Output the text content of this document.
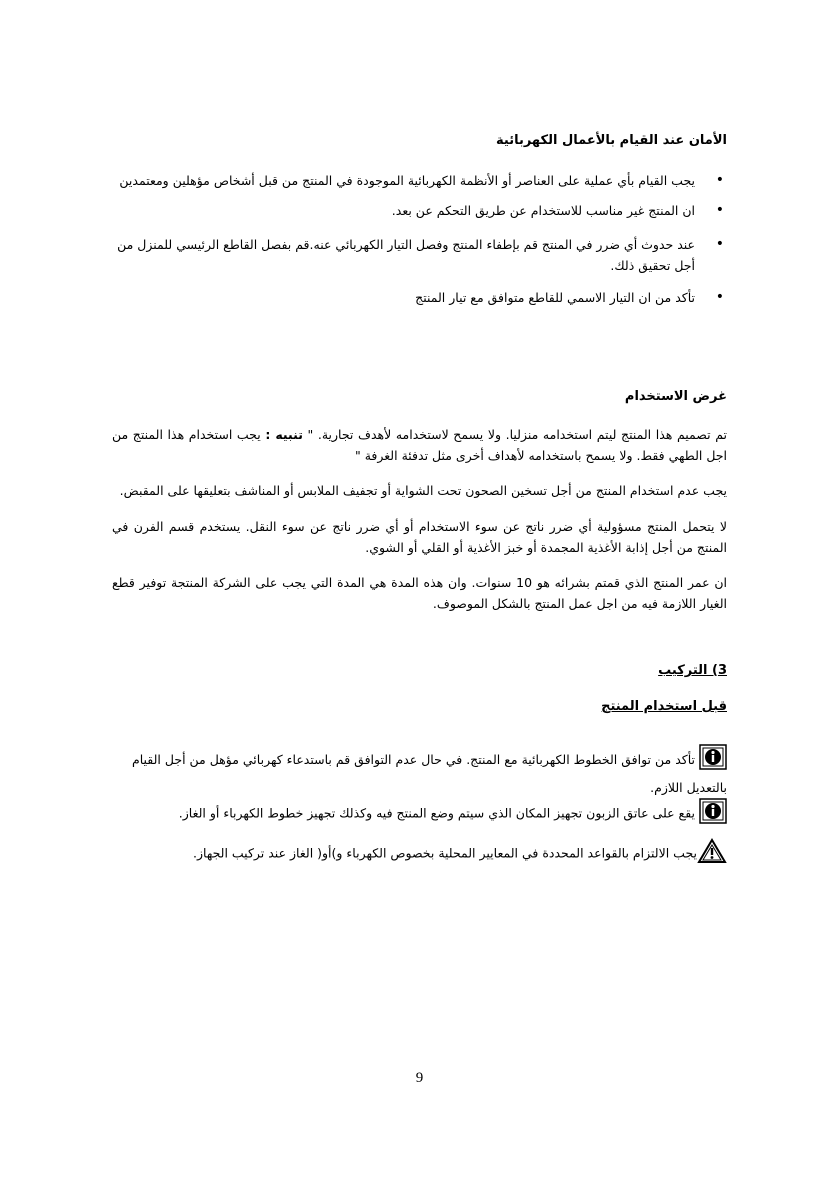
الأمان عند القيام بالأعمال الكهربائية
• يجب القيام بأي عملية على العناصر أو الأنظمة الكهربائية الموجودة في المنتج من قبل أشخاص مؤهلين ومعتمدين
• ان المنتج غير مناسب للاستخدام عن طريق التحكم عن بعد.
• عند حدوث أي ضرر في المنتج قم بإطفاء المنتج وفصل التيار الكهربائي عنه.قم بفصل القاطع الرئيسي للمنزل من أجل تحقيق ذلك.
• تأكد من ان التيار الاسمي للقاطع متوافق مع تيار المنتج
غرض الاستخدام
تم تصميم هذا المنتج ليتم استخدامه منزليا. ولا يسمح لاستخدامه لأهدف تجارية. " تنبيه : يجب استخدام هذا المنتج من اجل الطهي فقط. ولا يسمح باستخدامه لأهداف أخرى مثل تدفئة الغرفة "
يجب عدم استخدام المنتج من أجل تسخين الصحون تحت الشواية أو تجفيف الملابس أو المناشف بتعليقها على المقبض.
لا يتحمل المنتج مسؤولية أي ضرر ناتج عن سوء الاستخدام أو أي ضرر ناتج عن سوء النقل. يستخدم قسم الفرن في المنتج من أجل إذابة الأغذية المجمدة أو خبز الأغذية أو القلي أو الشوي.
ان عمر المنتج الذي قمتم بشرائه هو 10 سنوات. وان هذه المدة هي المدة التي يجب على الشركة المنتجة توفير قطع الغيار اللازمة فيه من اجل عمل المنتج بالشكل الموصوف.
3) التركيب
قبل استخدام المنتج
تأكد من توافق الخطوط الكهربائية مع المنتج. في حال عدم التوافق قم باستدعاء كهربائي مؤهل من أجل القيام بالتعديل اللازم.
يقع على عاتق الزبون تجهيز المكان الذي سيتم وضع المنتج فيه وكذلك تجهيز خطوط الكهرباء أو الغاز.
يجب الالتزام بالقواعد المحددة في المعايير المحلية بخصوص الكهرباء و)أو( الغاز عند تركيب الجهاز.
9
